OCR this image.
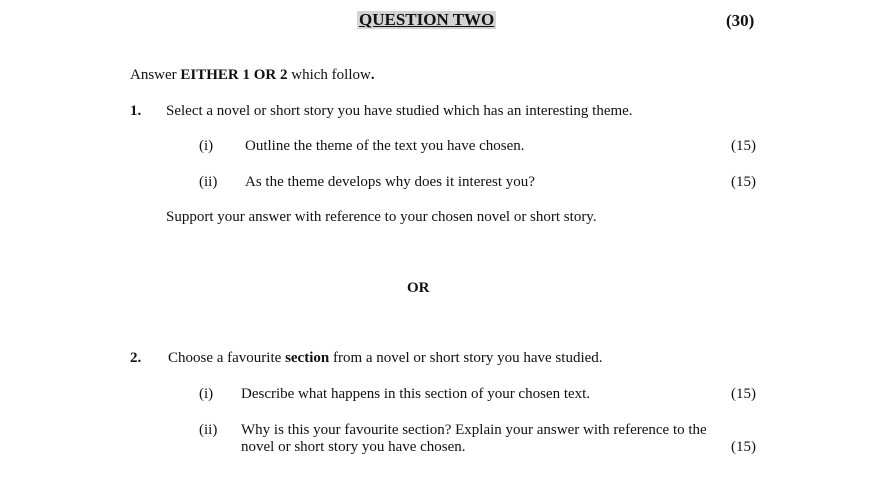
QUESTION TWO	(30)
Answer EITHER 1 OR 2 which follow.
1. Select a novel or short story you have studied which has an interesting theme.
(i) Outline the theme of the text you have chosen.	(15)
(ii) As the theme develops why does it interest you?	(15)
Support your answer with reference to your chosen novel or short story.
OR
2. Choose a favourite section from a novel or short story you have studied.
(i) Describe what happens in this section of your chosen text.	(15)
(ii) Why is this your favourite section? Explain your answer with reference to the
novel or short story you have chosen.	(15)
